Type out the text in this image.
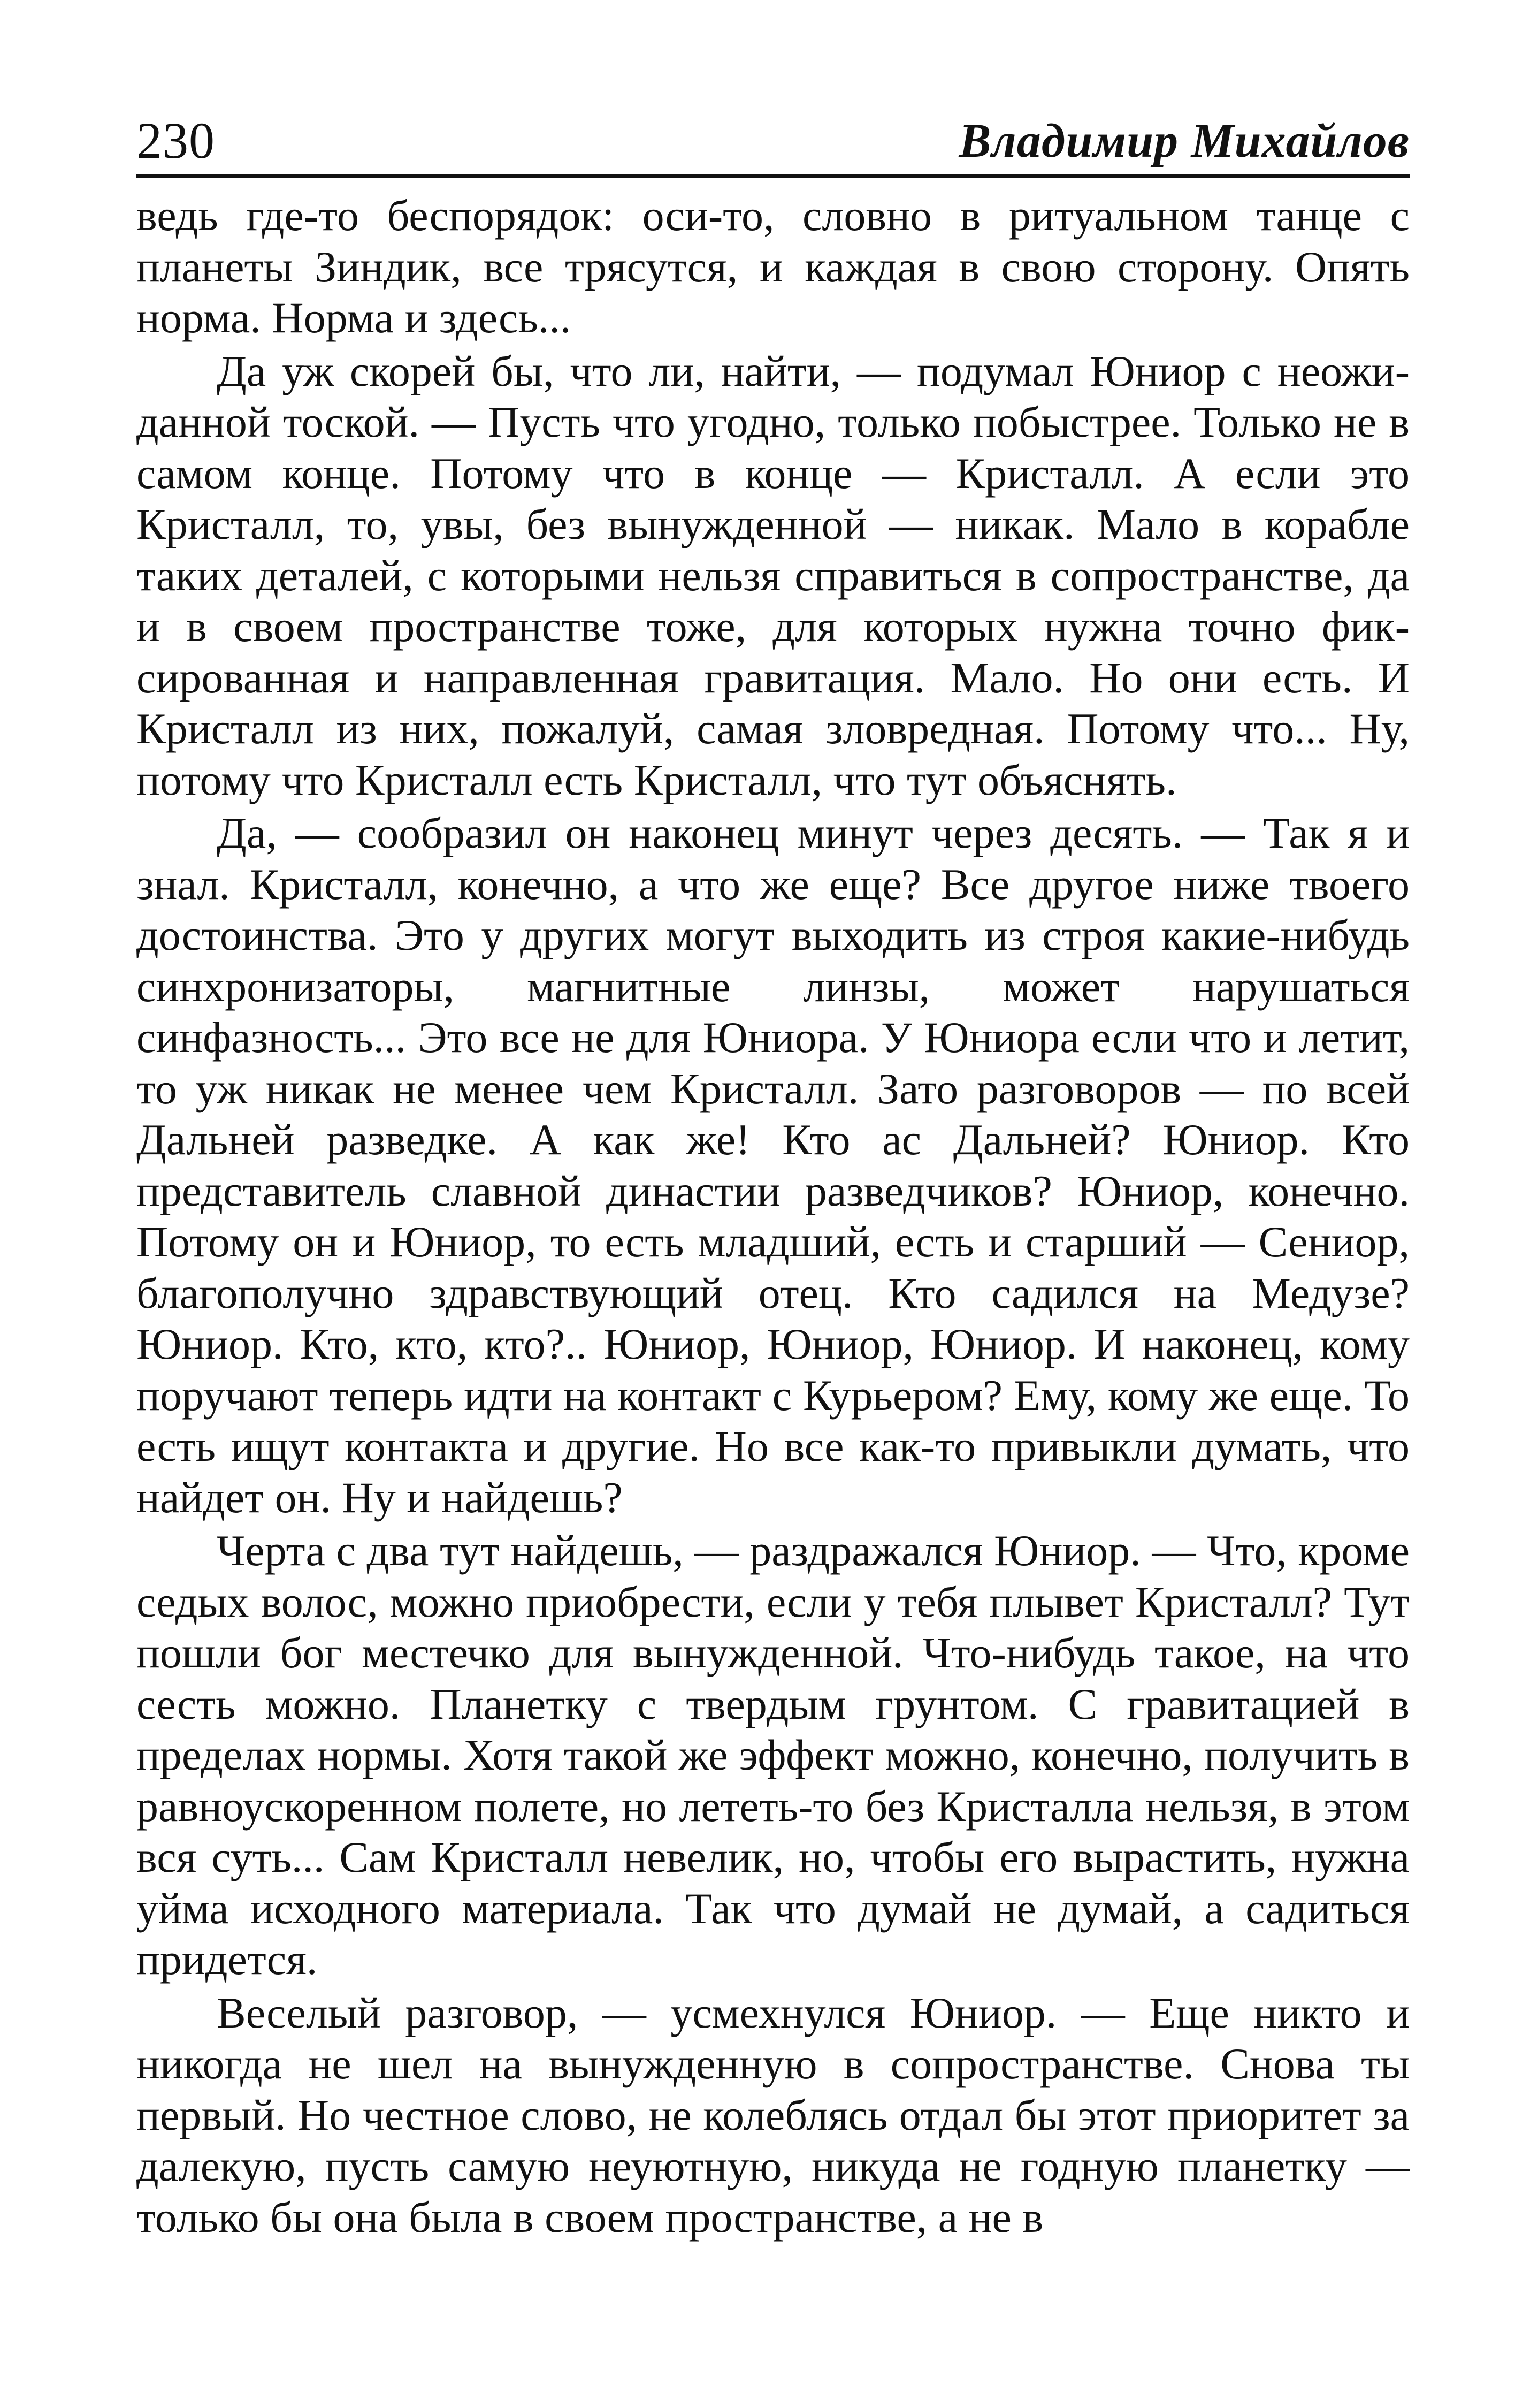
230	Владимир Михайлов

ведь где-то беспорядок: оси-то, словно в ритуальном танце с планеты Зиндик, все трясутся, и каждая в свою сторону. Опять норма. Норма и здесь...

Да уж скорей бы, что ли, найти, — подумал Юниор с неожиданной тоской. — Пусть что угодно, только побыстрее. Только не в самом конце. Потому что в конце — Кристалл. А если это Кристалл, то, увы, без вынужденной — никак. Мало в корабле таких деталей, с которыми нельзя справиться в сопространстве, да и в своем пространстве тоже, для которых нужна точно фиксированная и направленная гравитация. Мало. Но они есть. И Кристалл из них, пожалуй, самая зловредная. Потому что... Ну, потому что Кристалл есть Кристалл, что тут объяснять.

Да, — сообразил он наконец минут через десять. — Так я и знал. Кристалл, конечно, а что же еще? Все другое ниже твоего достоинства. Это у других могут выходить из строя какие-нибудь синхронизаторы, магнитные линзы, может нарушаться синфазность... Это все не для Юниора. У Юниора если что и летит, то уж никак не менее чем Кристалл. Зато разговоров — по всей Дальней разведке. А как же! Кто ас Дальней? Юниор. Кто представитель славной династии разведчиков? Юниор, конечно. Потому он и Юниор, то есть младший, есть и старший — Сениор, благополучно здравствующий отец. Кто садился на Медузе? Юниор. Кто, кто, кто?.. Юниор, Юниор, Юниор. И наконец, кому поручают теперь идти на контакт с Курьером? Ему, кому же еще. То есть ищут контакта и другие. Но все как-то привыкли думать, что найдет он. Ну и найдешь?

Черта с два тут найдешь, — раздражался Юниор. — Что, кроме седых волос, можно приобрести, если у тебя плывет Кристалл? Тут пошли бог местечко для вынужденной. Что-нибудь такое, на что сесть можно. Планетку с твердым грунтом. С гравитацией в пределах нормы. Хотя такой же эффект можно, конечно, получить в равноускоренном полете, но лететь-то без Кристалла нельзя, в этом вся суть... Сам Кристалл невелик, но, чтобы его вырастить, нужна уйма исходного материала. Так что думай не думай, а садиться придется.

Веселый разговор, — усмехнулся Юниор. — Еще никто и никогда не шел на вынужденную в сопространстве. Снова ты первый. Но честное слово, не колеблясь отдал бы этот приоритет за далекую, пусть самую неуютную, никуда не годную планетку — только бы она была в своем пространстве, а не в
